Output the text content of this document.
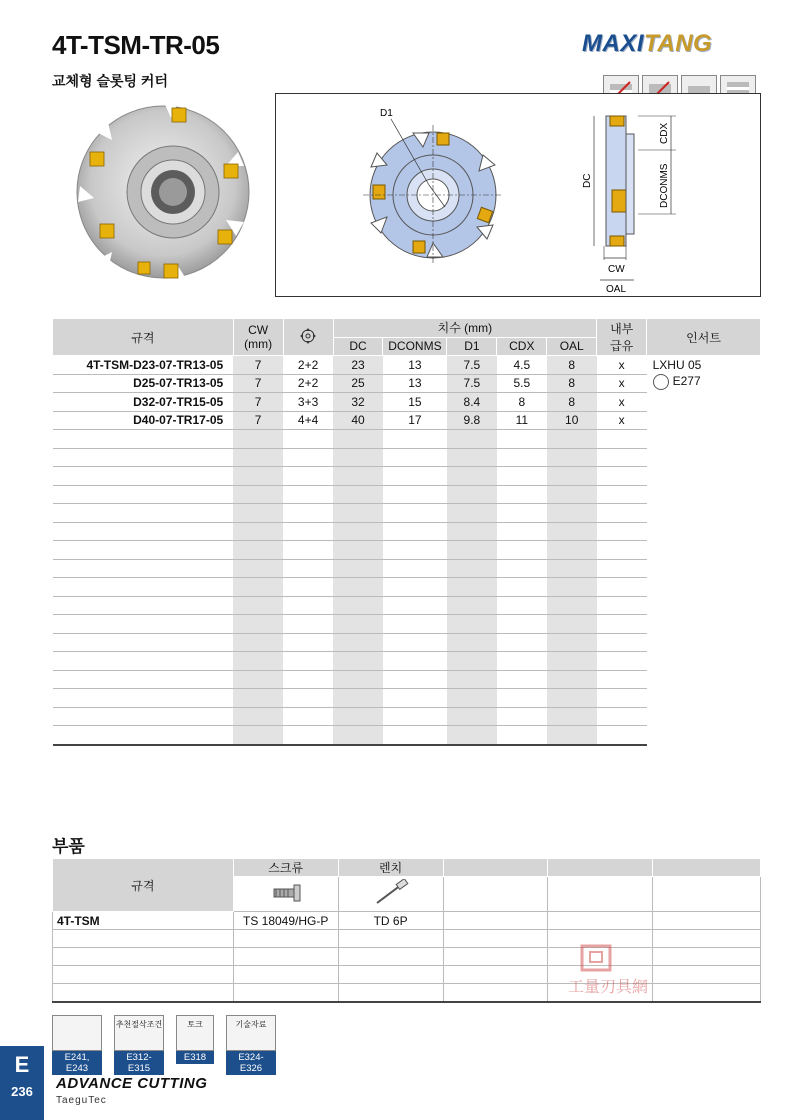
4T-TSM-TR-05
교체형 슬롯팅 커터
MAXITANG
D1
CDX
DCONMS
DC
CW
OAL
규격	CW
(mm)		치수 (mm)					내부
급유	인서트
			DC	DCONMS	D1	CDX	OAL		
4T-TSM-D23-07-TR13-05	7	2+2	23	13	7.5	4.5	8	x	LXHU 05
E277

D25-07-TR13-05	7	2+2	25	13	7.5	5.5	8	x	
D32-07-TR15-05	7	3+3	32	15	8.4	8	8	x	
D40-07-TR17-05	7	4+4	40	17	9.8	11	10	x	

부품
규격	스크류	렌치			

4T-TSM	TS 18049/HG-P	TD 6P			

工量刃具網
E241, E243
추천절삭조건
E312-E315
토크
E318
기술자료
E324-E326
E
236	ADVANCE CUTTING
TaeguTec
